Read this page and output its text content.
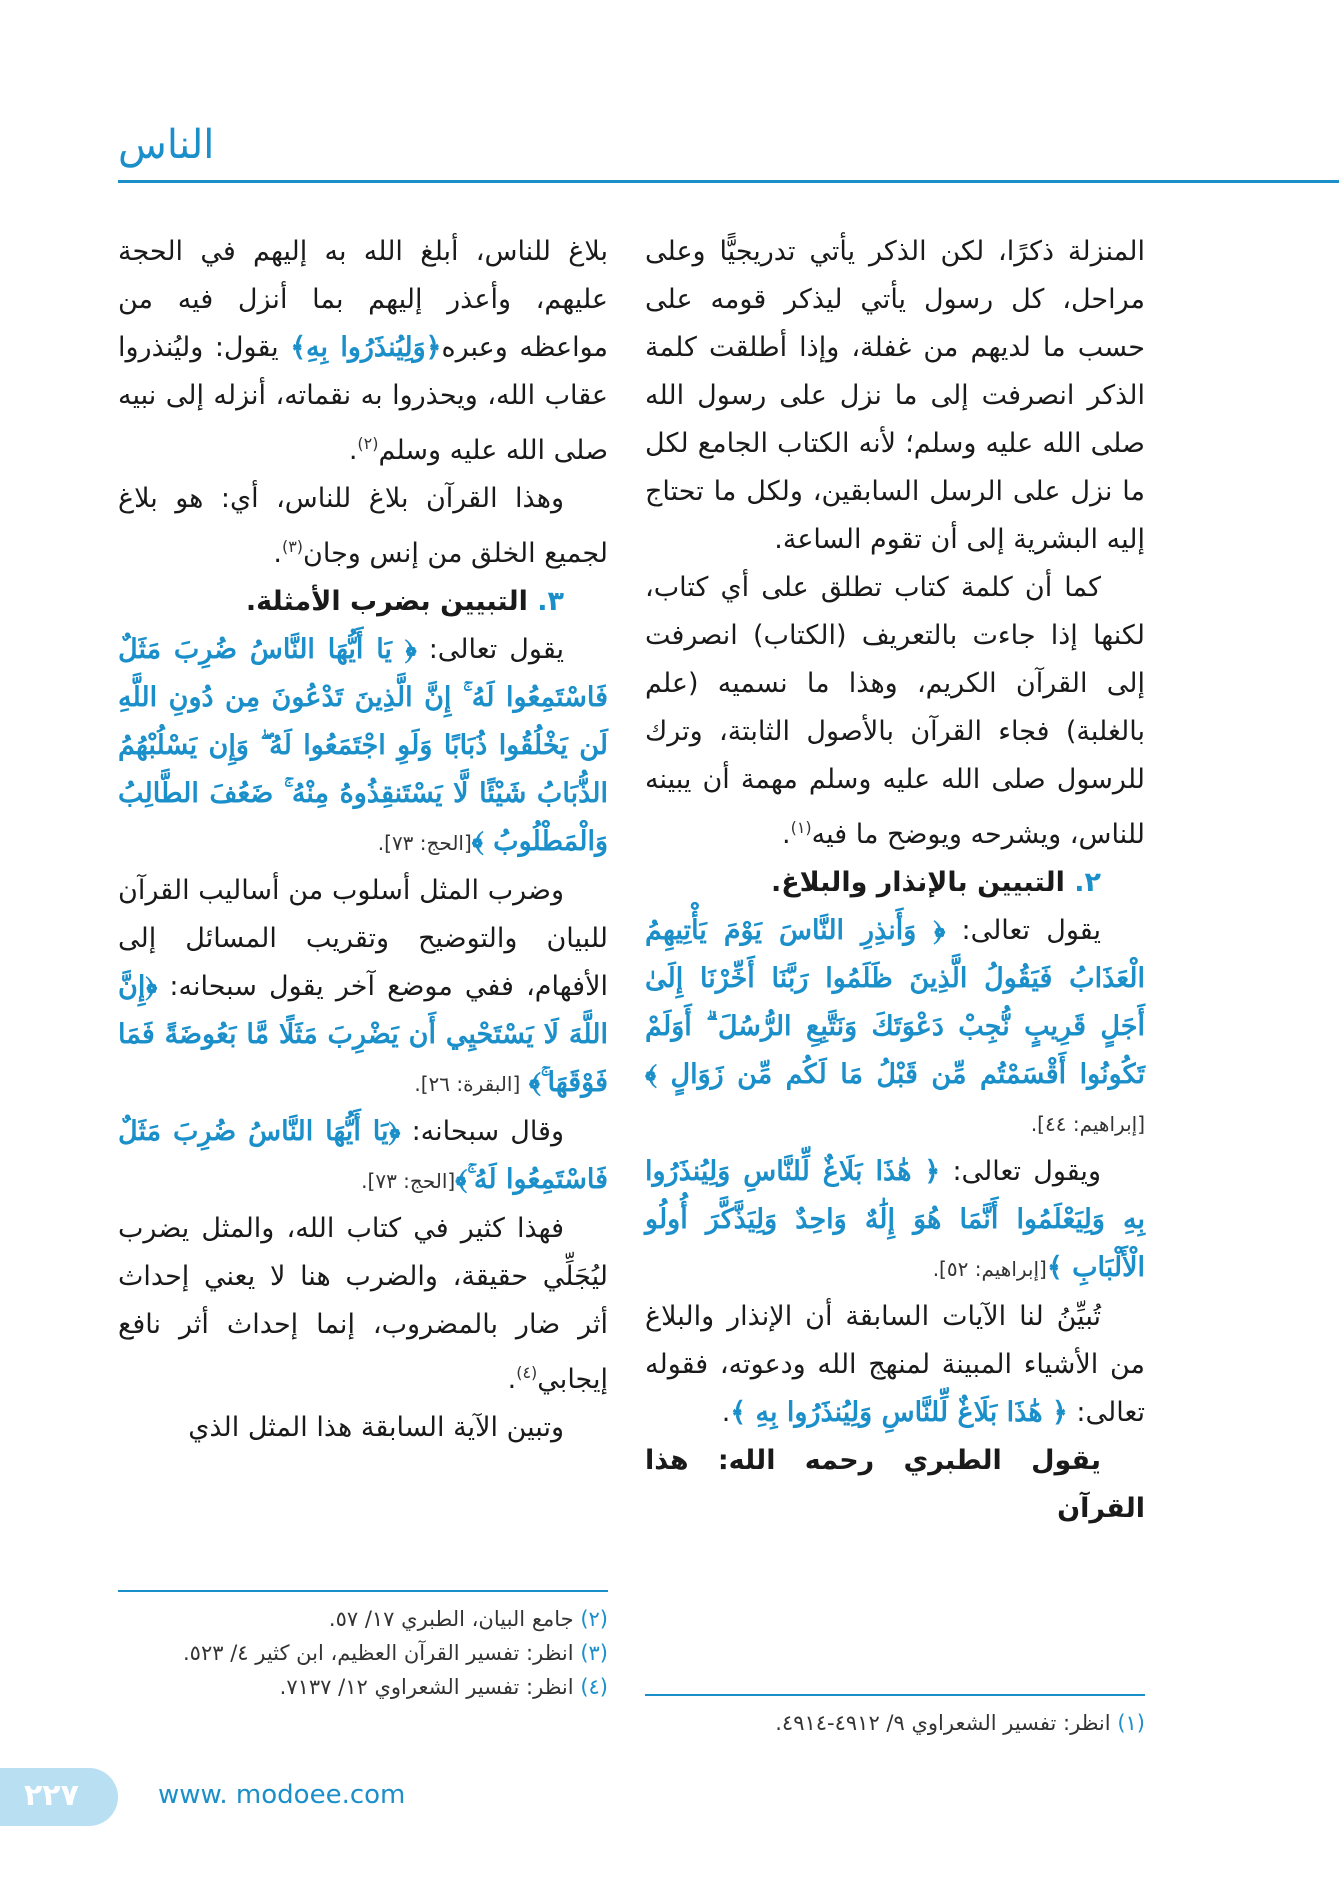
الناس

المنزلة ذكرًا، لكن الذكر يأتي تدريجيًّا وعلى مراحل، كل رسول يأتي ليذكر قومه على حسب ما لديهم من غفلة، وإذا أطلقت كلمة الذكر انصرفت إلى ما نزل على رسول الله صلى الله عليه وسلم؛ لأنه الكتاب الجامع لكل ما نزل على الرسل السابقين، ولكل ما تحتاج إليه البشرية إلى أن تقوم الساعة.

كما أن كلمة كتاب تطلق على أي كتاب، لكنها إذا جاءت بالتعريف (الكتاب) انصرفت إلى القرآن الكريم، وهذا ما نسميه (علم بالغلبة) فجاء القرآن بالأصول الثابتة، وترك للرسول صلى الله عليه وسلم مهمة أن يبينه للناس، ويشرحه ويوضح ما فيه$^{(١)}$.

٢. التبيين بالإنذار والبلاغ.

يقول تعالى: ﴿ وَأَنذِرِ النَّاسَ يَوْمَ يَأْتِيهِمُ الْعَذَابُ فَيَقُولُ الَّذِينَ ظَلَمُوا رَبَّنَا أَخِّرْنَا إِلَىٰ أَجَلٍ قَرِيبٍ نُّجِبْ دَعْوَتَكَ وَنَتَّبِعِ الرُّسُلَ ۗ أَوَلَمْ تَكُونُوا أَقْسَمْتُم مِّن قَبْلُ مَا لَكُم مِّن زَوَالٍ ﴾[إبراهيم: ٤٤].

ويقول تعالى: ﴿ هَٰذَا بَلَاغٌ لِّلنَّاسِ وَلِيُنذَرُوا بِهِ وَلِيَعْلَمُوا أَنَّمَا هُوَ إِلَٰهٌ وَاحِدٌ وَلِيَذَّكَّرَ أُولُو الْأَلْبَابِ ﴾[إبراهيم: ٥٢].

تُبيِّنُ لنا الآيات السابقة أن الإنذار والبلاغ من الأشياء المبينة لمنهج الله ودعوته، فقوله تعالى: ﴿ هَٰذَا بَلَاغٌ لِّلنَّاسِ وَلِيُنذَرُوا بِهِ ﴾.

يقول الطبري رحمه الله: هذا القرآن

بلاغ للناس، أبلغ الله به إليهم في الحجة عليهم، وأعذر إليهم بما أنزل فيه من مواعظه وعبره﴿وَلِيُنذَرُوا بِهِ﴾ يقول: وليُنذروا عقاب الله، ويحذروا به نقماته، أنزله إلى نبيه صلى الله عليه وسلم$^{(٢)}$.

وهذا القرآن بلاغ للناس، أي: هو بلاغ لجميع الخلق من إنس وجان$^{(٣)}$.

٣. التبيين بضرب الأمثلة.

يقول تعالى: ﴿ يَا أَيُّهَا النَّاسُ ضُرِبَ مَثَلٌ فَاسْتَمِعُوا لَهُ ۚ إِنَّ الَّذِينَ تَدْعُونَ مِن دُونِ اللَّهِ لَن يَخْلُقُوا ذُبَابًا وَلَوِ اجْتَمَعُوا لَهُ ۖ وَإِن يَسْلُبْهُمُ الذُّبَابُ شَيْئًا لَّا يَسْتَنقِذُوهُ مِنْهُ ۚ ضَعُفَ الطَّالِبُ وَالْمَطْلُوبُ ﴾[الحج: ٧٣].

وضرب المثل أسلوب من أساليب القرآن للبيان والتوضيح وتقريب المسائل إلى الأفهام، ففي موضع آخر يقول سبحانه: ﴿إِنَّ اللَّهَ لَا يَسْتَحْيِي أَن يَضْرِبَ مَثَلًا مَّا بَعُوضَةً فَمَا فَوْقَهَا ۚ﴾ [البقرة: ٢٦].

وقال سبحانه: ﴿يَا أَيُّهَا النَّاسُ ضُرِبَ مَثَلٌ فَاسْتَمِعُوا لَهُ ۚ﴾[الحج: ٧٣].

فهذا كثير في كتاب الله، والمثل يضرب ليُجَلِّي حقيقة، والضرب هنا لا يعني إحداث أثر ضار بالمضروب، إنما إحداث أثر نافع إيجابي$^{(٤)}$.

وتبين الآية السابقة هذا المثل الذي

(١) انظر: تفسير الشعراوي ٩/ ٤٩١٢-٤٩١٤.

(٢) جامع البيان، الطبري ١٧/ ٥٧.

(٣) انظر: تفسير القرآن العظيم، ابن كثير ٤/ ٥٢٣.

(٤) انظر: تفسير الشعراوي ١٢/ ٧١٣٧.

٢٢٧	www. modoee.com
